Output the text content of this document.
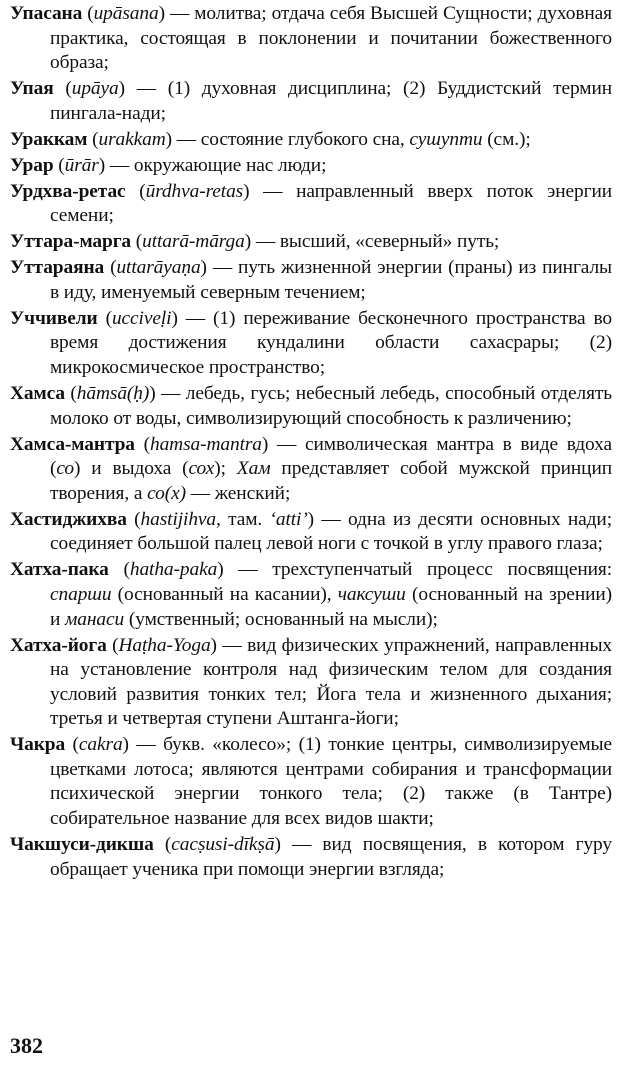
Упасана (upāsana) — молитва; отдача себя Высшей Сущности; духовная практика, состоящая в поклонении и почитании божественного образа;

Упая (upāya) — (1) духовная дисциплина; (2) Буддистский термин пингала-нади;

Ураккам (urakkam) — состояние глубокого сна, сушупти (см.);

Урар (ūrār) — окружающие нас люди;

Урдхва-ретас (ūrdhva-retas) — направленный вверх поток энергии семени;

Уттара-марга (uttarā-mārga) — высший, «северный» путь;

Уттараяна (uttarāyaṇa) — путь жизненной энергии (праны) из пингалы в иду, именуемый северным течением;

Уччивели (ucciveḷi) — (1) переживание бесконечного пространства во время достижения кундалини области сахасрары; (2) микрокосмическое пространство;

Хамса (hāmsā(ḥ)) — лебедь, гусь; небесный лебедь, способный отделять молоко от воды, символизирующий способность к различению;

Хамса-мантра (hamsa-mantra) — символическая мантра в виде вдоха (со) и выдоха (сох); Хам представляет собой мужской принцип творения, а со(х) — женский;

Хастиджихва (hastijihva, там. ‘atti’) — одна из десяти основных нади; соединяет большой палец левой ноги с точкой в углу правого глаза;

Хатха-пака (hatha-paka) — трехступенчатый процесс посвящения: спарши (основанный на касании), чаксуши (основанный на зрении) и манаси (умственный; основанный на мысли);

Хатха-йога (Haṭha-Yoga) — вид физических упражнений, направленных на установление контроля над физическим телом для создания условий развития тонких тел; Йога тела и жизненного дыхания; третья и четвертая ступени Аштанга-йоги;

Чакра (cakra) — букв. «колесо»; (1) тонкие центры, символизируемые цветками лотоса; являются центрами собирания и трансформации психической энергии тонкого тела; (2) также (в Тантре) собирательное название для всех видов шакти;

Чакшуси-дикша (cacṣusi-dīkṣā) — вид посвящения, в котором гуру обращает ученика при помощи энергии взгляда;

382
